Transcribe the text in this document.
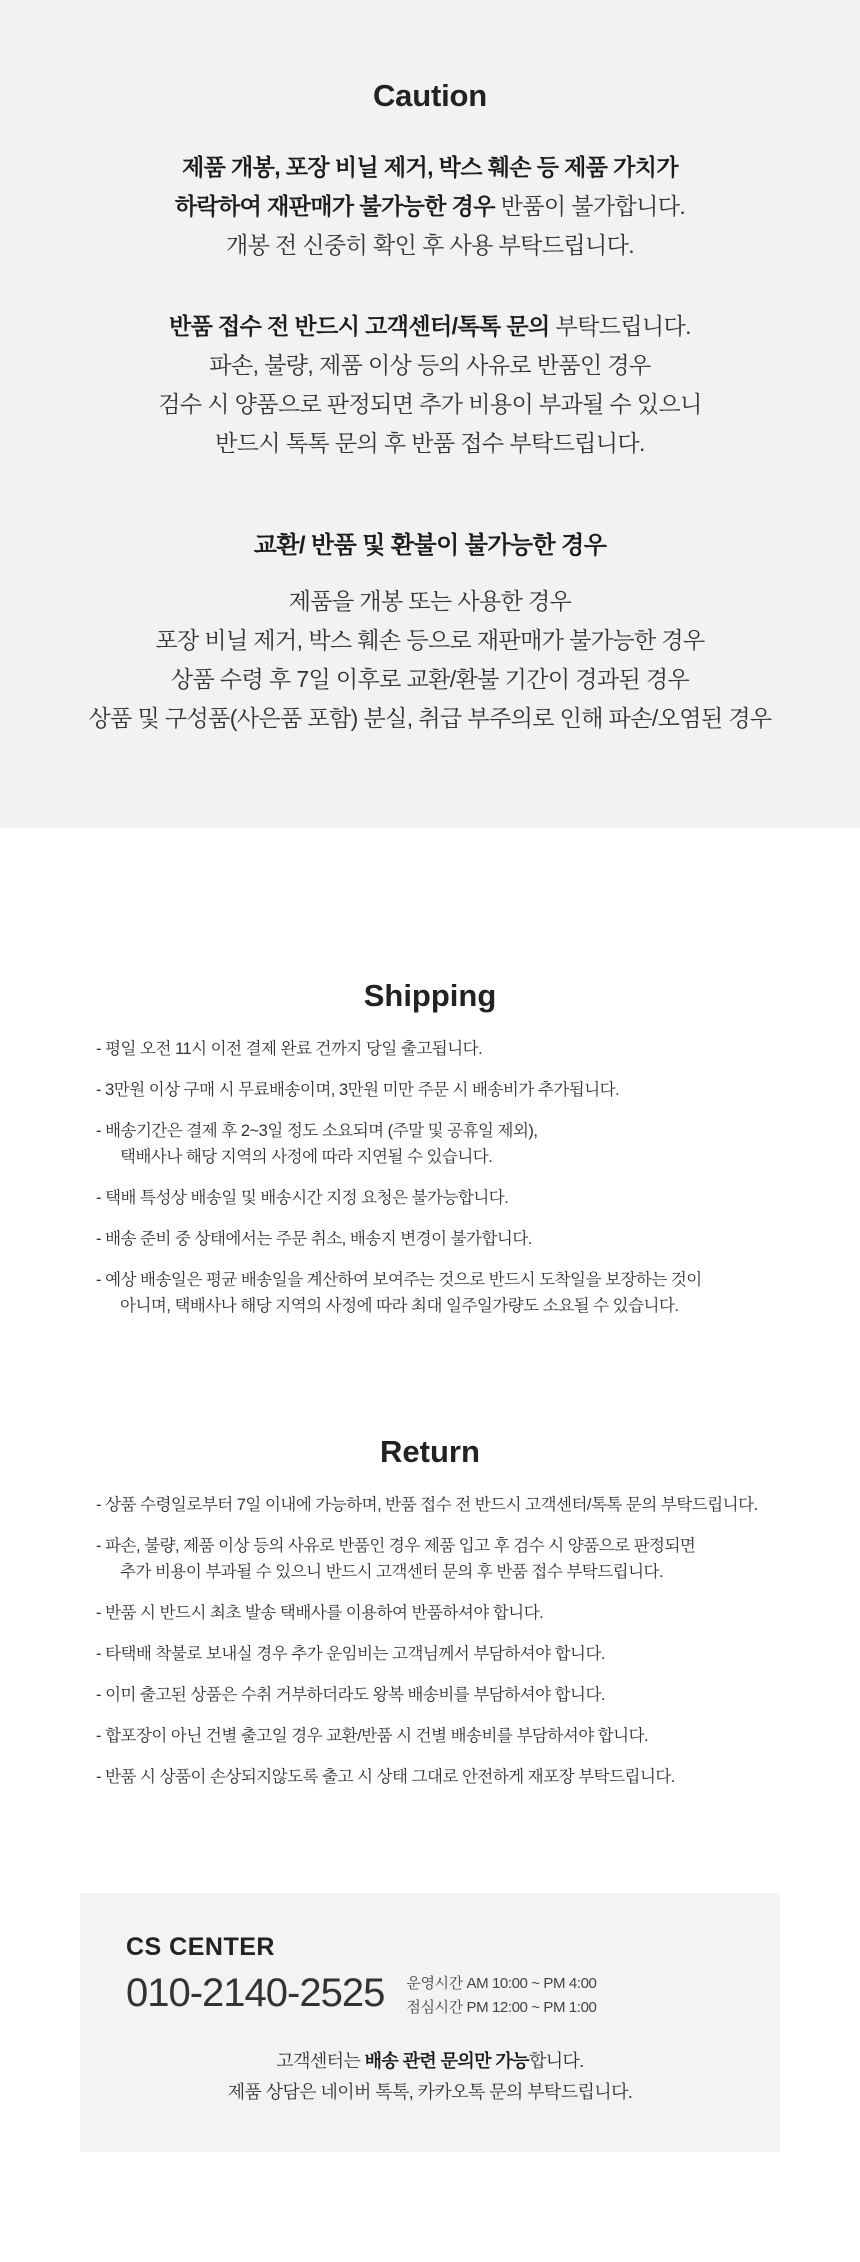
Caution
제품 개봉, 포장 비닐 제거, 박스 훼손 등 제품 가치가
하락하여 재판매가 불가능한 경우 반품이 불가합니다.
개봉 전 신중히 확인 후 사용 부탁드립니다.
반품 접수 전 반드시 고객센터/톡톡 문의 부탁드립니다.
파손, 불량, 제품 이상 등의 사유로 반품인 경우
검수 시 양품으로 판정되면 추가 비용이 부과될 수 있으니
반드시 톡톡 문의 후 반품 접수 부탁드립니다.
교환/ 반품 및 환불이 불가능한 경우
제품을 개봉 또는 사용한 경우
포장 비닐 제거, 박스 훼손 등으로 재판매가 불가능한 경우
상품 수령 후 7일 이후로 교환/환불 기간이 경과된 경우
상품 및 구성품(사은품 포함) 분실, 취급 부주의로 인해 파손/오염된 경우
Shipping
- 평일 오전 11시 이전 결제 완료 건까지 당일 출고됩니다.
- 3만원 이상 구매 시 무료배송이며, 3만원 미만 주문 시 배송비가 추가됩니다.
- 배송기간은 결제 후 2~3일 정도 소요되며 (주말 및 공휴일 제외),
택배사나 해당 지역의 사정에 따라 지연될 수 있습니다.
- 택배 특성상 배송일 및 배송시간 지정 요청은 불가능합니다.
- 배송 준비 중 상태에서는 주문 취소, 배송지 변경이 불가합니다.
- 예상 배송일은 평균 배송일을 계산하여 보여주는 것으로 반드시 도착일을 보장하는 것이
아니며, 택배사나 해당 지역의 사정에 따라 최대 일주일가량도 소요될 수 있습니다.
Return
- 상품 수령일로부터 7일 이내에 가능하며, 반품 접수 전 반드시 고객센터/톡톡 문의 부탁드립니다.
- 파손, 불량, 제품 이상 등의 사유로 반품인 경우 제품 입고 후 검수 시 양품으로 판정되면
추가 비용이 부과될 수 있으니 반드시 고객센터 문의 후 반품 접수 부탁드립니다.
- 반품 시 반드시 최초 발송 택배사를 이용하여 반품하셔야 합니다.
- 타택배 착불로 보내실 경우 추가 운임비는 고객님께서 부담하셔야 합니다.
- 이미 출고된 상품은 수취 거부하더라도 왕복 배송비를 부담하셔야 합니다.
- 합포장이 아닌 건별 출고일 경우 교환/반품 시 건별 배송비를 부담하셔야 합니다.
- 반품 시 상품이 손상되지않도록 출고 시 상태 그대로 안전하게 재포장 부탁드립니다.
CS CENTER
010-2140-2525 운영시간 AM 10:00 ~ PM 4:00
점심시간 PM 12:00 ~ PM 1:00
고객센터는 배송 관련 문의만 가능합니다.
제품 상담은 네이버 톡톡, 카카오톡 문의 부탁드립니다.
